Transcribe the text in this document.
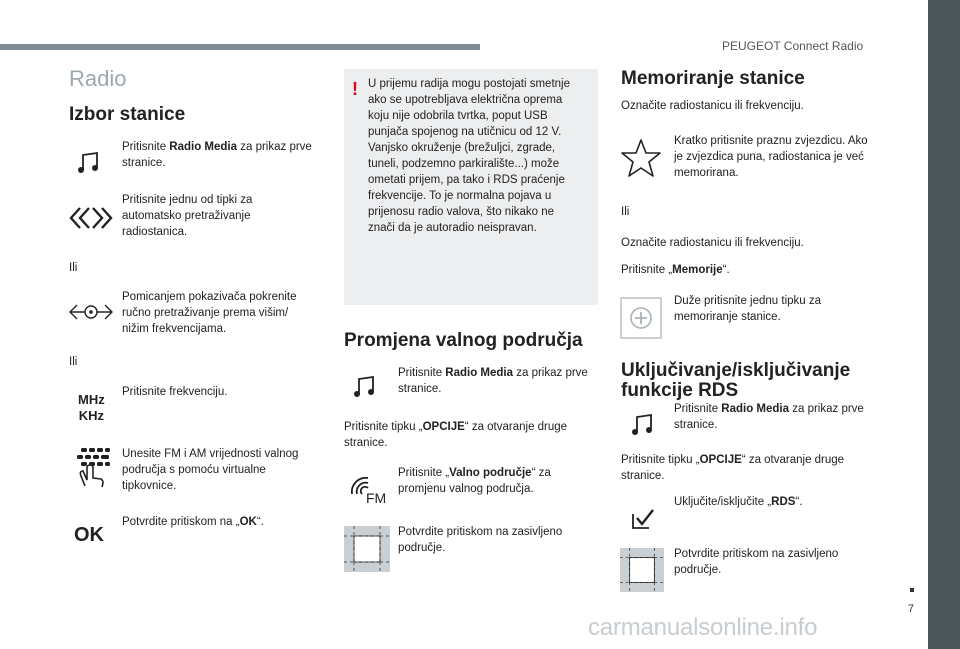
PEUGEOT Connect Radio
7
carmanualsonline.info
Radio
Izbor stanice
Pritisnite Radio Media za prikaz prve stranice.
Pritisnite jednu od tipki za automatsko pretraživanje radiostanica.
Ili
Pomicanjem pokazivača pokrenite ručno pretraživanje prema višim/ nižim frekvencijama.
Ili
MHz
KHz
Pritisnite frekvenciju.
Unesite FM i AM vrijednosti valnog područja s pomoću virtualne tipkovnice.
OK
Potvrdite pritiskom na „OK“.
! U prijemu radija mogu postojati smetnje ako se upotrebljava električna oprema koju nije odobrila tvrtka, poput USB punjača spojenog na utičnicu od 12 V. Vanjsko okruženje (brežuljci, zgrade, tuneli, podzemno parkiralište...) može ometati prijem, pa tako i RDS praćenje frekvencije. To je normalna pojava u prijenosu radio valova, što nikako ne znači da je autoradio neispravan.
Promjena valnog područja
Pritisnite Radio Media za prikaz prve stranice.
Pritisnite tipku „OPCIJE“ za otvaranje druge stranice.
FM
Pritisnite „Valno područje“ za promjenu valnog područja.
Potvrdite pritiskom na zasivljeno područje.
Memoriranje stanice
Označite radiostanicu ili frekvenciju.
Kratko pritisnite praznu zvjezdicu. Ako je zvjezdica puna, radiostanica je već memorirana.
Ili
Označite radiostanicu ili frekvenciju.
Pritisnite „Memorije“.
Duže pritisnite jednu tipku za memoriranje stanice.
Uključivanje/isključivanje
funkcije RDS
Pritisnite Radio Media za prikaz prve stranice.
Pritisnite tipku „OPCIJE“ za otvaranje druge stranice.
Uključite/isključite „RDS“.
Potvrdite pritiskom na zasivljeno područje.
